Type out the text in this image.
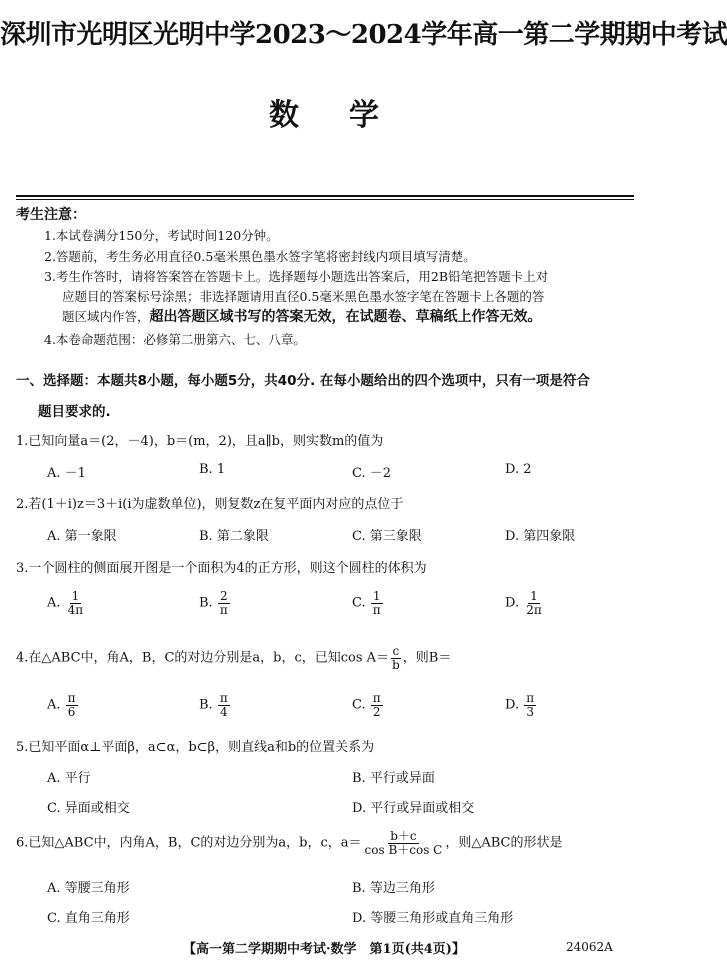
深圳市光明区光明中学2023～2024学年高一第二学期期中考试
数学
考生注意：
1.本试卷满分150分，考试时间120分钟。
2.答题前，考生务必用直径0.5毫米黑色墨水签字笔将密封线内项目填写清楚。
3.考生作答时，请将答案答在答题卡上。选择题每小题选出答案后，用2B铅笔把答题卡上对
应题目的答案标号涂黑；非选择题请用直径0.5毫米黑色墨水签字笔在答题卡上各题的答
题区域内作答，超出答题区域书写的答案无效，在试题卷、草稿纸上作答无效。
4.本卷命题范围：必修第二册第六、七、八章。
一、选择题：本题共8小题，每小题5分，共40分. 在每小题给出的四个选项中，只有一项是符合
题目要求的.
1.已知向量a＝(2，－4)，b＝(m，2)，且a∥b，则实数m的值为
A. －1	B. 1	C. －2	D. 2
2.若(1＋i)z＝3＋i(i为虚数单位)，则复数z在复平面内对应的点位于
A. 第一象限	B. 第二象限	C. 第三象限	D. 第四象限
3.一个圆柱的侧面展开图是一个面积为4的正方形，则这个圆柱的体积为
A. $\frac{1}{4\pi}$	B. $\frac{2}{\pi}$	C. $\frac{1}{\pi}$	D. $\frac{1}{2\pi}$
4.在△ABC中，角A，B，C的对边分别是a，b，c，已知$\cos A= \frac{c}{b}$ ，则B＝
A. $\frac{\pi}{6}$	B. $\frac{\pi}{4}$	C. $\frac{\pi}{2}$	D. $\frac{\pi}{3}$
5.已知平面α⊥平面β，a⊂α，b⊂β，则直线a和b的位置关系为
A. 平行	B. 平行或异面
C. 异面或相交	D. 平行或异面或相交
6.已知△ABC中，内角A，B，C的对边分别为a，b，c，$a= \frac{b+c}{\text{cos B＋cos C}}$ ，则△ABC的形状是
A. 等腰三角形	B. 等边三角形
C. 直角三角形	D. 等腰三角形或直角三角形
【高一第二学期期中考试·数学　第1页(共4页)】	24062A
